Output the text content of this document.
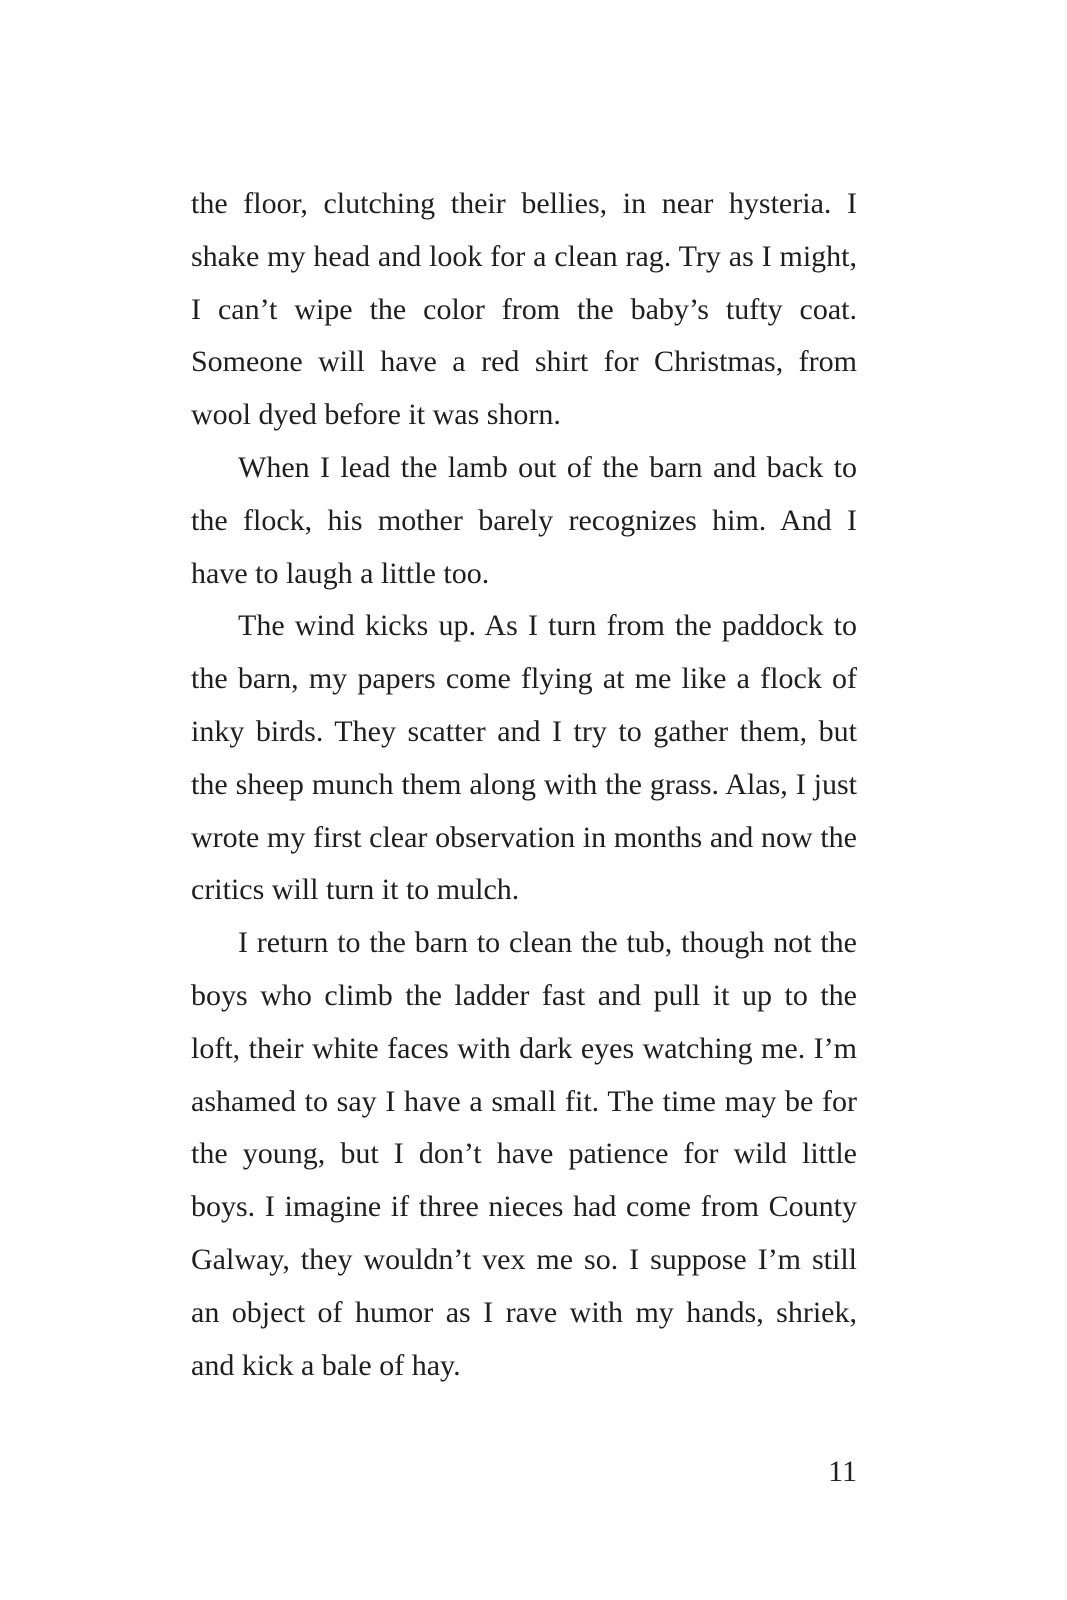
the floor, clutching their bellies, in near hysteria. I shake my head and look for a clean rag. Try as I might, I can’t wipe the color from the baby’s tufty coat. Someone will have a red shirt for Christmas, from wool dyed before it was shorn.

When I lead the lamb out of the barn and back to the flock, his mother barely recognizes him. And I have to laugh a little too.

The wind kicks up. As I turn from the paddock to the barn, my papers come flying at me like a flock of inky birds. They scatter and I try to gather them, but the sheep munch them along with the grass. Alas, I just wrote my first clear observation in months and now the critics will turn it to mulch.

I return to the barn to clean the tub, though not the boys who climb the ladder fast and pull it up to the loft, their white faces with dark eyes watching me. I’m ashamed to say I have a small fit. The time may be for the young, but I don’t have patience for wild little boys. I imagine if three nieces had come from County Galway, they wouldn’t vex me so. I suppose I’m still an object of humor as I rave with my hands, shriek, and kick a bale of hay.

11
